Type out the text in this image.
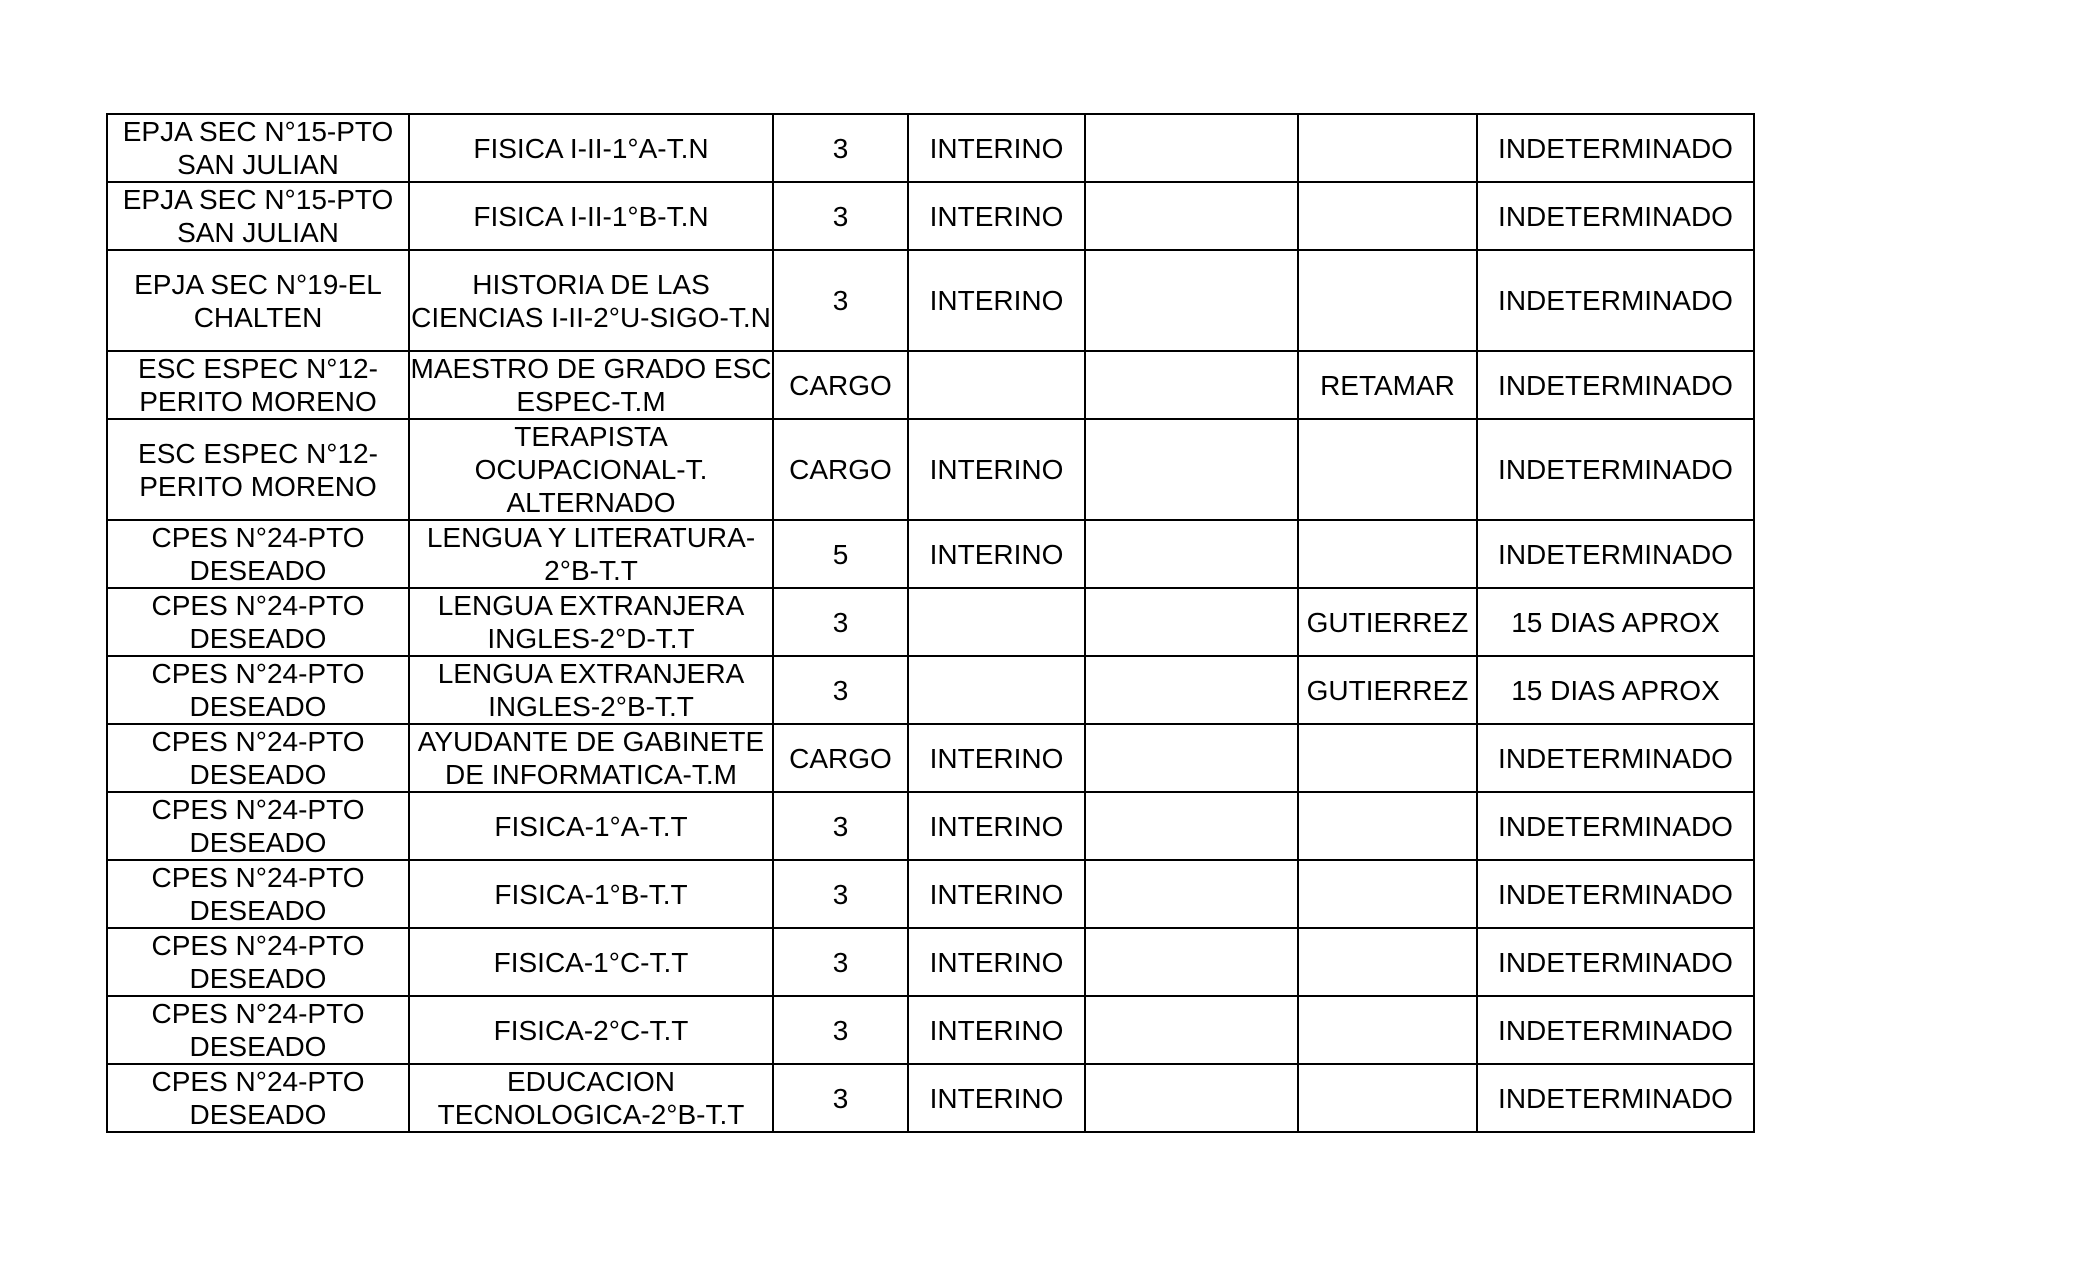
EPJA SEC N°15-PTO SAN JULIAN	FISICA I-II-1°A-T.N	3	INTERINO			INDETERMINADO

EPJA SEC N°15-PTO SAN JULIAN	FISICA I-II-1°B-T.N	3	INTERINO			INDETERMINADO

EPJA SEC N°19-EL CHALTEN	HISTORIA DE LAS CIENCIAS I-II-2°U-SIGO-T.N	3	INTERINO			INDETERMINADO

ESC ESPEC N°12-PERITO MORENO	MAESTRO DE GRADO ESC ESPEC-T.M	CARGO			RETAMAR	INDETERMINADO

ESC ESPEC N°12-PERITO MORENO	TERAPISTA OCUPACIONAL-T. ALTERNADO	CARGO	INTERINO			INDETERMINADO

CPES N°24-PTO DESEADO	LENGUA Y LITERATURA-2°B-T.T	5	INTERINO			INDETERMINADO

CPES N°24-PTO DESEADO	LENGUA EXTRANJERA INGLES-2°D-T.T	3			GUTIERREZ	15 DIAS APROX

CPES N°24-PTO DESEADO	LENGUA EXTRANJERA INGLES-2°B-T.T	3			GUTIERREZ	15 DIAS APROX

CPES N°24-PTO DESEADO	AYUDANTE DE GABINETE DE INFORMATICA-T.M	CARGO	INTERINO			INDETERMINADO

CPES N°24-PTO DESEADO	FISICA-1°A-T.T	3	INTERINO			INDETERMINADO

CPES N°24-PTO DESEADO	FISICA-1°B-T.T	3	INTERINO			INDETERMINADO

CPES N°24-PTO DESEADO	FISICA-1°C-T.T	3	INTERINO			INDETERMINADO

CPES N°24-PTO DESEADO	FISICA-2°C-T.T	3	INTERINO			INDETERMINADO

CPES N°24-PTO DESEADO	EDUCACION TECNOLOGICA-2°B-T.T	3	INTERINO			INDETERMINADO
